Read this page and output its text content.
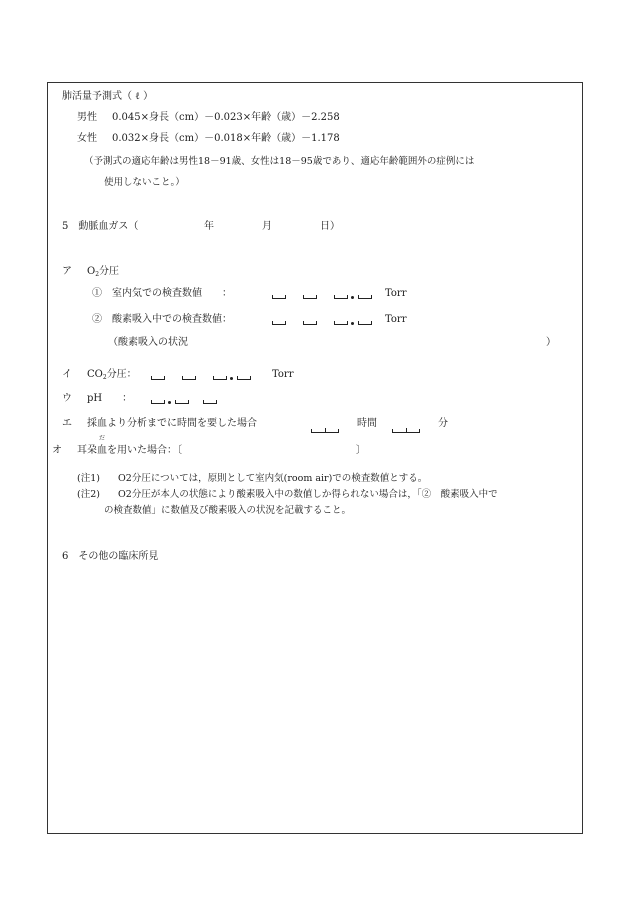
肺活量予測式（ ℓ ）
男性 0.045×身長（cm）－0.023×年齢（歳）－2.258
女性 0.032×身長（cm）－0.018×年齢（歳）－1.178
（予測式の適応年齢は男性18－91歳、女性は18－95歳であり、適応年齢範囲外の症例には
使用しないこと。）
5　動脈血ガス（	年	月	日）
ア $O_2$分圧
①　室内気での検査数値　　：	Torr
②　酸素吸入中での検査数値：	Torr
（酸素吸入の状況	）
イ $CO_2$分圧：	Torr
ウ pH　　：
エ 採血より分析までに時間を要した場合	時間	分
オ 耳朶血
だ
を用いた場合：〔	〕
(注1) O2分圧については，原則として室内気(room air)での検査数値とする。
(注2) O2分圧が本人の状態により酸素吸入中の数値しか得られない場合は，「②　酸素吸入中で
の検査数値」に数値及び酸素吸入の状況を記載すること。
6　その他の臨床所見
